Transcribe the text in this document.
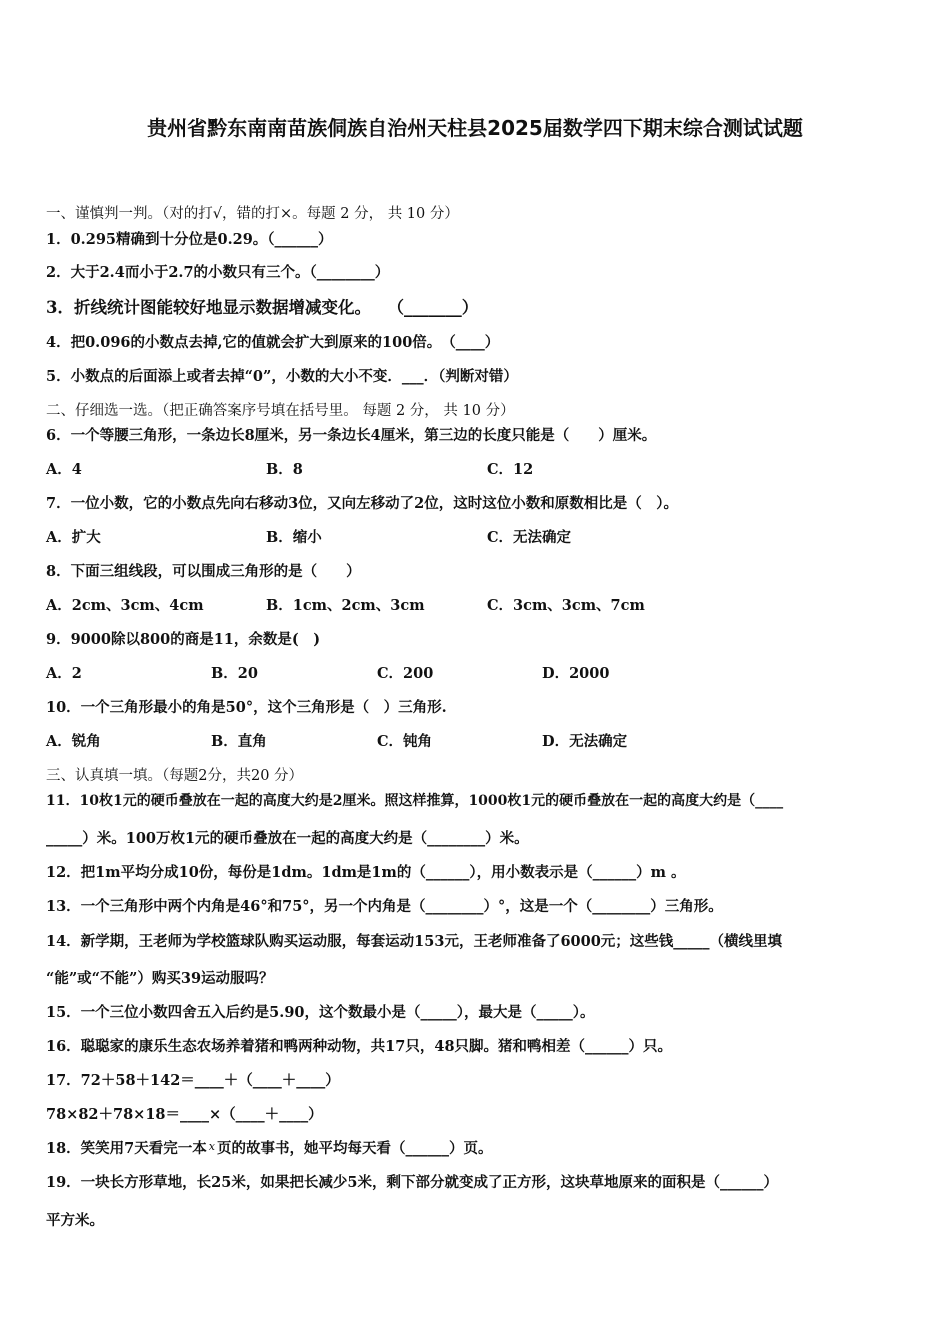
贵州省黔东南南苗族侗族自治州天柱县2025届数学四下期末综合测试试题
一、谨慎判一判。（对的打√，错的打×。每题 2 分， 共 10 分）
1．0.295精确到十分位是0.29。（______）
2．大于2.4而小于2.7的小数只有三个。（________）
3．折线统计图能较好地显示数据增减变化。　　（_______）
4．把0.096的小数点去掉,它的值就会扩大到原来的100倍。　（____）
5．小数点的后面添上或者去掉“0”，小数的大小不变．___．（判断对错）
二、仔细选一选。（把正确答案序号填在括号里。 每题 2 分， 共 10 分）
6．一个等腰三角形，一条边长8厘米，另一条边长4厘米，第三边的长度只能是（　　）厘米。
A．4	B．8	C．12
7．一位小数，它的小数点先向右移动3位，又向左移动了2位，这时这位小数和原数相比是（　）。
A．扩大	B．缩小	C．无法确定
8．下面三组线段，可以围成三角形的是（　　）
A．2cm、3cm、4cm	B．1cm、2cm、3cm	C．3cm、3cm、7cm
9．9000除以800的商是11，余数是(　)
A．2	B．20	C．200	D．2000
10．一个三角形最小的角是50°，这个三角形是（　）三角形.
A．锐角	B．直角	C．钝角	D．无法确定
三、认真填一填。（每题2分，共20 分）
11．10枚1元的硬币叠放在一起的高度大约是2厘米。照这样推算，1000枚1元的硬币叠放在一起的高度大约是（____
_____）米。100万枚1元的硬币叠放在一起的高度大约是（________）米。
12．把1m平均分成10份，每份是1dm。1dm是1m的（______），用小数表示是（______）m 。
13．一个三角形中两个内角是46°和75°，另一个内角是（________）°，这是一个（________）三角形。
14．新学期，王老师为学校篮球队购买运动服，每套运动153元，王老师准备了6000元；这些钱_____（横线里填
“能”或“不能”）购买39运动服吗？
15．一个三位小数四舍五入后约是5.90，这个数最小是（_____），最大是（_____）。
16．聪聪家的康乐生态农场养着猪和鸭两种动物，共17只，48只脚。猪和鸭相差（______）只。
17．72＋58＋142＝____＋（____＋____）
78×82＋78×18＝____×（____＋____）
18．笑笑用7天看完一本 $^x$ 页的故事书，她平均每天看（______）页。
19．一块长方形草地，长25米，如果把长减少5米，剩下部分就变成了正方形，这块草地原来的面积是（______）
平方米。
